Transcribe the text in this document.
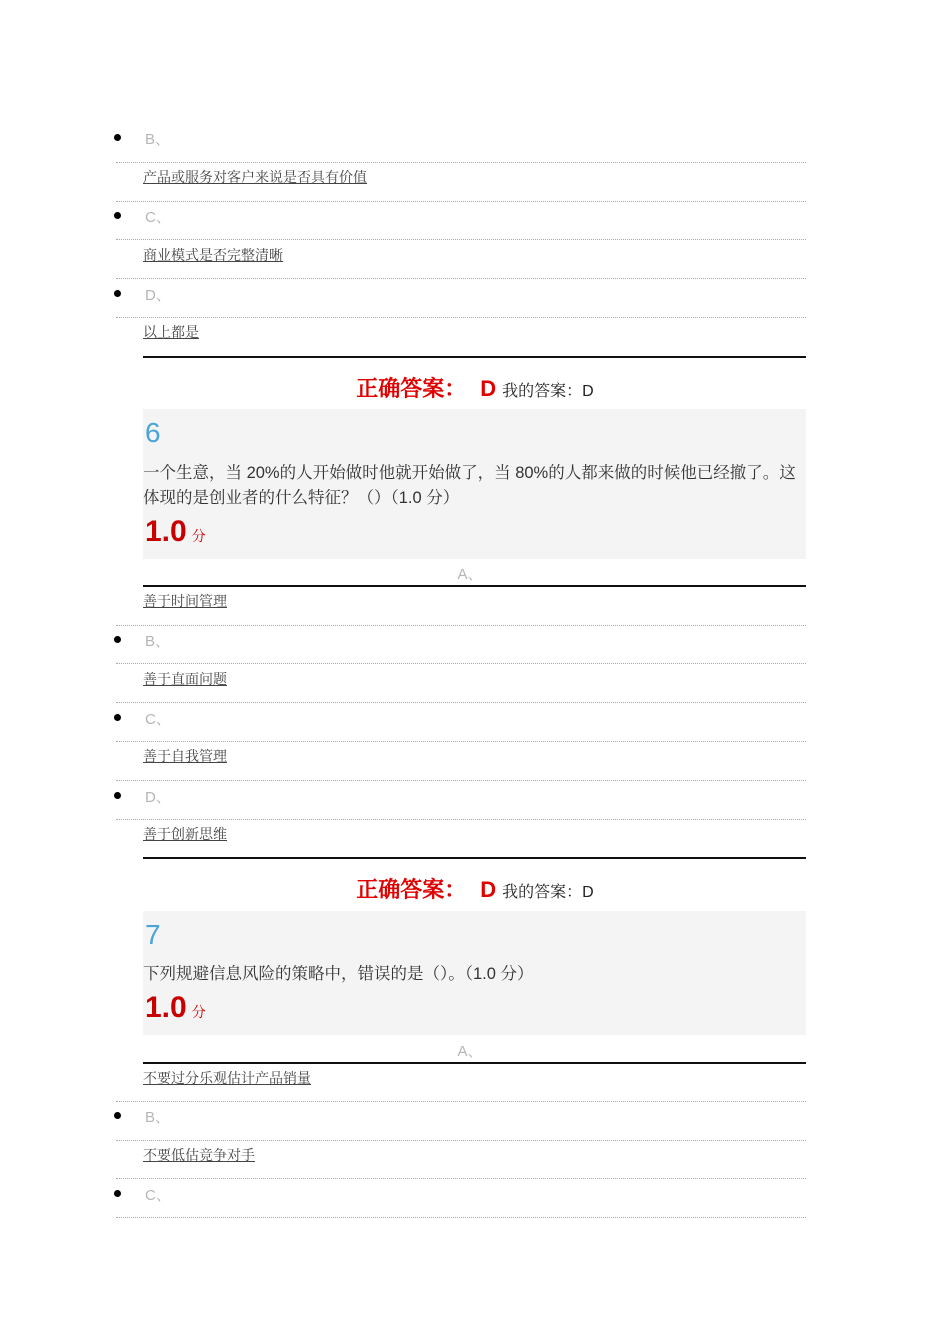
B、
产品或服务对客户来说是否具有价值
C、
商业模式是否完整清晰
D、
以上都是
正确答案： D 我的答案：D
6
一个生意，当 20%的人开始做时他就开始做了，当 80%的人都来做的时候他已经撤了。这体现的是创业者的什么特征？（）（1.0 分）
1.0 分
A、
善于时间管理
B、
善于直面问题
C、
善于自我管理
D、
善于创新思维
正确答案： D 我的答案：D
7
下列规避信息风险的策略中，错误的是（）。（1.0 分）
1.0 分
A、
不要过分乐观估计产品销量
B、
不要低估竞争对手
C、
